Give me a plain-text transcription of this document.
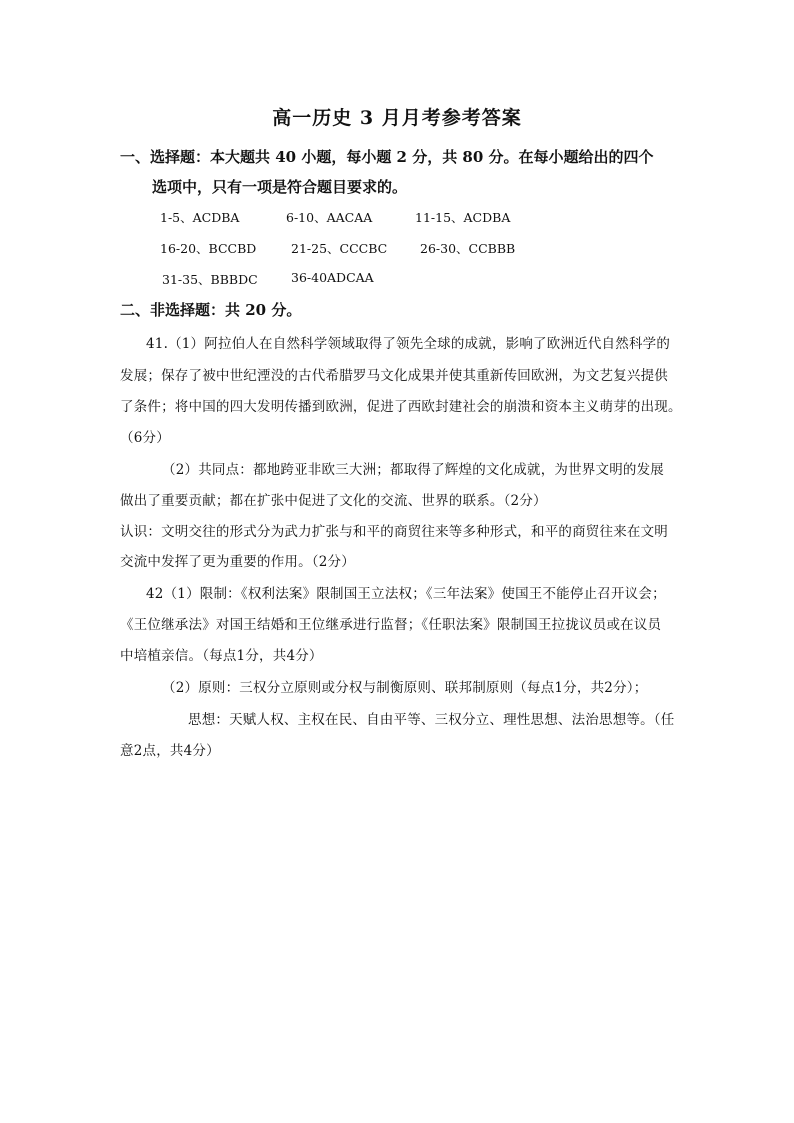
高一历史 3 月月考参考答案
一、选择题：本大题共 40 小题，每小题 2 分，共 80 分。在每小题给出的四个
选项中，只有一项是符合题目要求的。
1-5、ACDBA	6-10、AACAA	11-15、ACDBA
16-20、BCCBD	21-25、CCCBC	26-30、CCBBB
31-35、BBBDC	36-40ADCAA
二、非选择题：共 20 分。
41.（1）阿拉伯人在自然科学领域取得了领先全球的成就，影响了欧洲近代自然科学的
发展；保存了被中世纪湮没的古代希腊罗马文化成果并使其重新传回欧洲，为文艺复兴提供
了条件；将中国的四大发明传播到欧洲，促进了西欧封建社会的崩溃和资本主义萌芽的出现。
（6分）
（2）共同点：都地跨亚非欧三大洲；都取得了辉煌的文化成就，为世界文明的发展
做出了重要贡献；都在扩张中促进了文化的交流、世界的联系。（2分）
认识：文明交往的形式分为武力扩张与和平的商贸往来等多种形式，和平的商贸往来在文明
交流中发挥了更为重要的作用。（2分）
42（1）限制：《权利法案》限制国王立法权；《三年法案》使国王不能停止召开议会；
《王位继承法》对国王结婚和王位继承进行监督；《任职法案》限制国王拉拢议员或在议员
中培植亲信。（每点1分，共4分）
（2）原则：三权分立原则或分权与制衡原则、联邦制原则（每点1分，共2分）；
思想：天赋人权、主权在民、自由平等、三权分立、理性思想、法治思想等。（任
意2点，共4分）
